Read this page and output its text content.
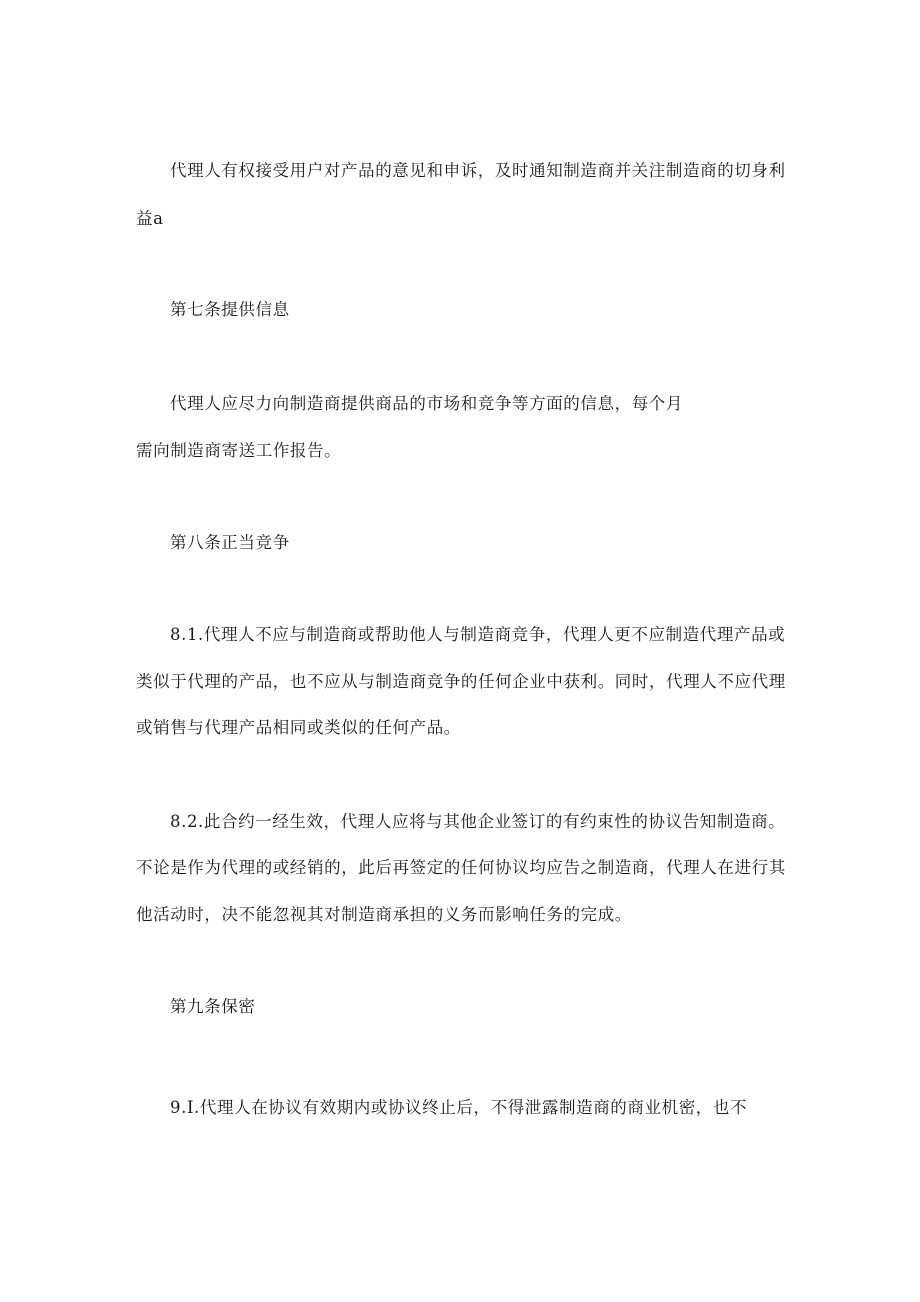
代理人有权接受用户对产品的意见和申诉，及时通知制造商并关注制造商的切身利
益a
第七条提供信息
代理人应尽力向制造商提供商品的市场和竞争等方面的信息，每个月
需向制造商寄送工作报告。
第八条正当竞争
8.1.代理人不应与制造商或帮助他人与制造商竞争，代理人更不应制造代理产品或
类似于代理的产品，也不应从与制造商竞争的任何企业中获利。同时，代理人不应代理
或销售与代理产品相同或类似的任何产品。
8.2.此合约一经生效，代理人应将与其他企业签订的有约束性的协议告知制造商。
不论是作为代理的或经销的，此后再签定的任何协议均应告之制造商，代理人在进行其
他活动时，决不能忽视其对制造商承担的义务而影响任务的完成。
第九条保密
9.I.代理人在协议有效期内或协议终止后，不得泄露制造商的商业机密，也不
